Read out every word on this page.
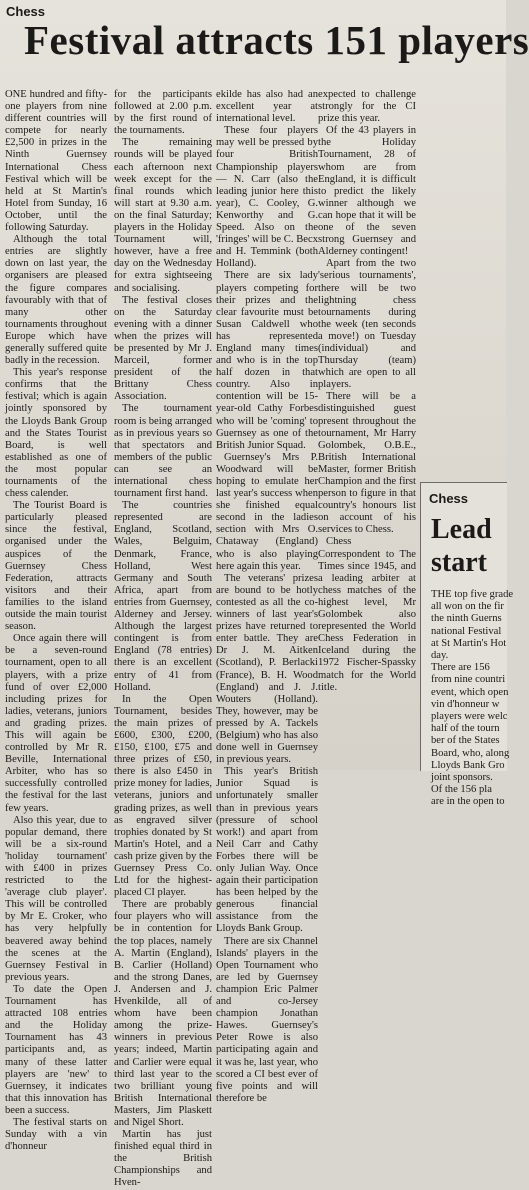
Chess
Festival attracts 151 players

ONE hundred and fifty-one players from nine different countries will compete for nearly £2,500 in prizes in the Ninth Guernsey International Chess Festival which will be held at St Martin's Hotel from Sunday, 16 October, until the following Saturday.

Although the total entries are slightly down on last year, the organisers are pleased the figure compares favourably with that of many other tournaments throughout Europe which have generally suffered quite badly in the recession.

This year's response confirms that the festival; which is again jointly sponsored by the Lloyds Bank Group and the States Tourist Board, is well established as one of the most popular tournaments of the chess calender.

The Tourist Board is particularly pleased since the festival, organised under the auspices of the Guernsey Chess Federation, attracts visitors and their families to the island outside the main tourist season.

Once again there will be a seven-round tournament, open to all players, with a prize fund of over £2,000 including prizes for ladies, veterans, juniors and grading prizes. This will again be controlled by Mr R. Beville, International Arbiter, who has so successfully controlled the festival for the last few years.

Also this year, due to popular demand, there will be a six-round 'holiday tournament' with £400 in prizes restricted to the 'average club player'. This will be controlled by Mr E. Croker, who has very helpfully beavered away behind the scenes at the Guernsey Festival in previous years.

To date the Open Tournament has attracted 108 entries and the Holiday Tournament has 43 participants and, as many of these latter players are 'new' to Guernsey, it indicates that this innovation has been a success.

The festival starts on Sunday with a vin d'honneur

for the participants followed at 2.00 p.m. by the first round of the tournaments.

The remaining rounds will be played each afternoon next week except for the final rounds which will start at 9.30 a.m. on the final Saturday; players in the Holiday Tournament will, however, have a free day on the Wednesday for extra sightseeing and socialising.

The festival closes on the Saturday evening with a dinner when the prizes will be presented by Mr J. Marceil, former president of the Brittany Chess Association.

The tournament room is being arranged as in previous years so that spectators and members of the public can see an international chess tournament first hand.

The countries represented are England, Scotland, Wales, Belguim, Denmark, France, Holland, West Germany and South Africa, apart from entries from Guernsey, Alderney and Jersey. Although the largest contingent is from England (78 entries) there is an excellent entry of 41 from Holland.

In the Open Tournament, besides the main prizes of £600, £300, £200, £150, £100, £75 and three prizes of £50, there is also £450 in prize money for ladies, veterans, juniors and grading prizes, as well as engraved silver trophies donated by St Martin's Hotel, and a cash prize given by the Guernsey Press Co. Ltd for the highest-placed CI player.

There are probably four players who will be in contention for the top places, namely A. Martin (England), B. Carlier (Holland) and the strong Danes, J. Andersen and J. Hvenkilde, all of whom have been among the prize-winners in previous years; indeed, Martin and Carlier were equal third last year to the two brilliant young British International Masters, Jim Plaskett and Nigel Short.

Martin has just finished equal third in the British Championships and Hven-

ekilde has also had an excellent year at international level.

These four players may well be pressed by four British Championship players — N. Carr (also the leading junior here this year), C. Cooley, G. Kenworthy and G. Speed. Also on the 'fringes' will be C. Becx and H. Temmink (both Holland).

There are six lady players competing for their prizes and the clear favourite must be Susan Caldwell who has represented England many times and who is in the top half dozen in that country. Also in contention will be 15-year-old Cathy Forbes who will be 'coming' to Guernsey as one of the British Junior Squad.

Guernsey's Mrs P. Woodward will be hoping to emulate her last year's success when she finished equal second in the ladies section with Mrs O. Chataway (England) who is also playing here again this year.

The veterans' prizes are bound to be hotly contested as all the co-winners of last year's prizes have returned to enter battle. They are Dr J. M. Aitken (Scotland), P. Berlacki (France), B. H. Wood (England) and J. J. Wouters (Holland). They, however, may be pressed by A. Tackels (Belgium) who has also done well in Guernsey in previous years.

This year's British Junior Squad is unfortunately smaller than in previous years (pressure of school work!) and apart from Neil Carr and Cathy Forbes there will be only Julian Way. Once again their participation has been helped by the generous financial assistance from the Lloyds Bank Group.

There are six Channel Islands' players in the Open Tournament who are led by Guernsey champion Eric Palmer and co-Jersey champion Jonathan Hawes. Guernsey's Peter Rowe is also participating again and it was he, last year, who scored a CI best ever of five points and will therefore be

expected to challenge strongly for the CI prize this year.

Of the 43 players in the Holiday Tournament, 28 of whom are from England, it is difficult to predict the likely winner although we can hope that it will be one of the seven strong Guernsey and Alderney contingent!

Apart from the two 'serious tournaments', there will be two lightning chess tournaments during the week (ten seconds a move!) on Tuesday (individual) and Thursday (team) which are open to all players.

There will be a distinguished guest present throughout the tournament, Mr Harry Golombek, O.B.E., British International Master, former British Champion and the first person to figure in that country's honours list on account of his services to Chess.

Chess Correspondent to The Times since 1945, and a leading arbiter at chess matches of the highest level, Mr Golombek also represented the World Chess Federation in Iceland during the 1972 Fischer-Spassky match for the World title.

Chess
Lead
start

THE top five grade

all won on the fir

the ninth Guerns

national Festival

at St Martin's Hot

day.

There are 156

from nine countri

event, which open

vin d'honneur w

players were welc

half of the tourn

ber of the States

Board, who, along

Lloyds Bank Gro

joint sponsors.

Of the 156 pla

are in the open to
